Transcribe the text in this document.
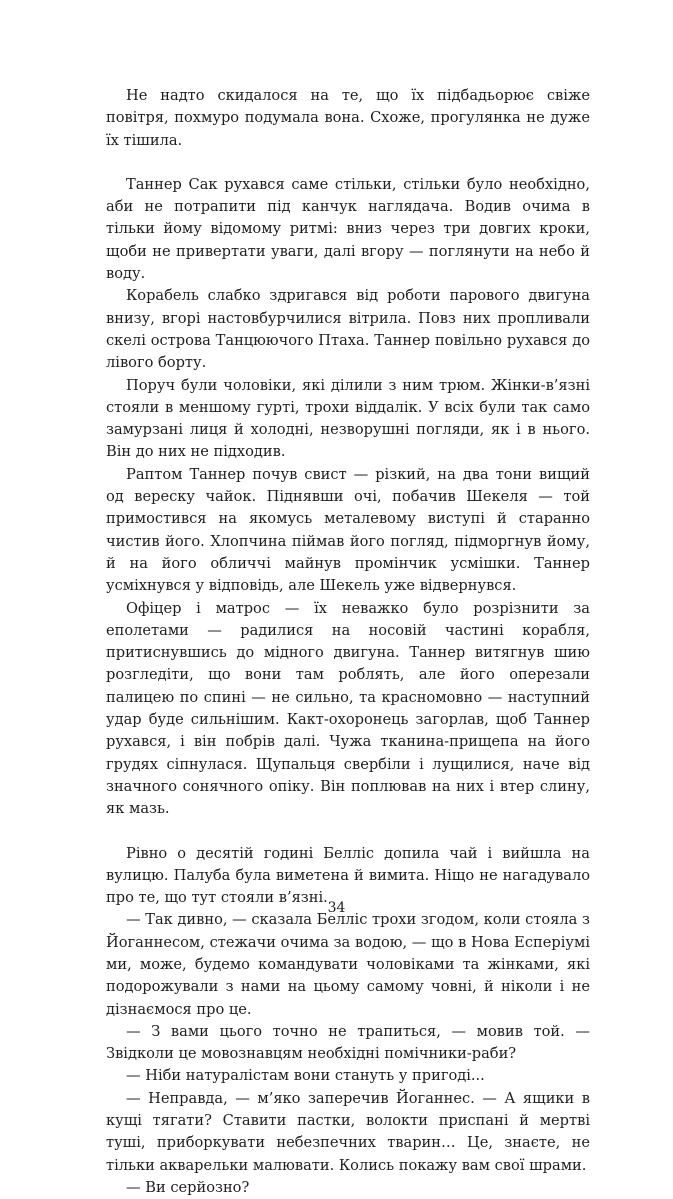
Не надто скидалося на те, що їх підбадьорює свіже повітря, похмуро подумала вона. Схоже, прогулянка не дуже їх тішила.

Таннер Сак рухався саме стільки, стільки було необхідно, аби не потрапити під канчук наглядача. Водив очима в тільки йому відомому ритмі: вниз через три довгих кроки, щоби не привертати уваги, далі вгору — поглянути на небо й воду.

Корабель слабко здригався від роботи парового двигуна внизу, вгорі настовбурчилися вітрила. Повз них пропливали скелі острова Танцюючого Птаха. Таннер повільно рухався до лівого борту.

Поруч були чоловіки, які ділили з ним трюм. Жінки-в’язні стояли в меншому гурті, трохи віддалік. У всіх були так само замурзані лиця й холодні, незворушні погляди, як і в нього. Він до них не підходив.

Раптом Таннер почув свист — різкий, на два тони вищий од вереску чайок. Піднявши очі, побачив Шекеля — той примостився на якомусь металевому виступі й старанно чистив його. Хлопчина піймав його погляд, підморгнув йому, й на його обличчі майнув промінчик усмішки. Таннер усміхнувся у відповідь, але Шекель уже відвернувся.

Офіцер і матрос — їх неважко було розрізнити за еполетами — радилися на носовій частині корабля, притиснувшись до мідного двигуна. Таннер витягнув шию розгледіти, що вони там роблять, але його оперезали палицею по спині — не сильно, та красномовно — наступний удар буде сильнішим. Какт-охоронець загорлав, щоб Таннер рухався, і він побрів далі. Чужа тканина-прищепа на його грудях сіпнулася. Щупальця свербіли і лущилися, наче від значного сонячного опіку. Він поплював на них і втер слину, як мазь.

Рівно о десятій годині Белліс допила чай і вийшла на вулицю. Палуба була виметена й вимита. Ніщо не нагадувало про те, що тут стояли в’язні.

— Так дивно, — сказала Белліс трохи згодом, коли стояла з Йоганнесом, стежачи очима за водою, — що в Нова Есперіумі ми, може, будемо командувати чоловіками та жінками, які подорожували з нами на цьому самому човні, й ніколи і не дізнаємося про це.

— З вами цього точно не трапиться, — мовив той. — Звідколи це мовознавцям необхідні помічники-раби?

— Ніби натуралістам вони стануть у пригоді...

— Неправда, — м’яко заперечив Йоганнес. — А ящики в кущі тягати? Ставити пастки, волокти приспані й мертві туші, приборкувати небезпечних тварин… Це, знаєте, не тільки акварельки малювати. Колись покажу вам свої шрами.

— Ви серйозно?

34
